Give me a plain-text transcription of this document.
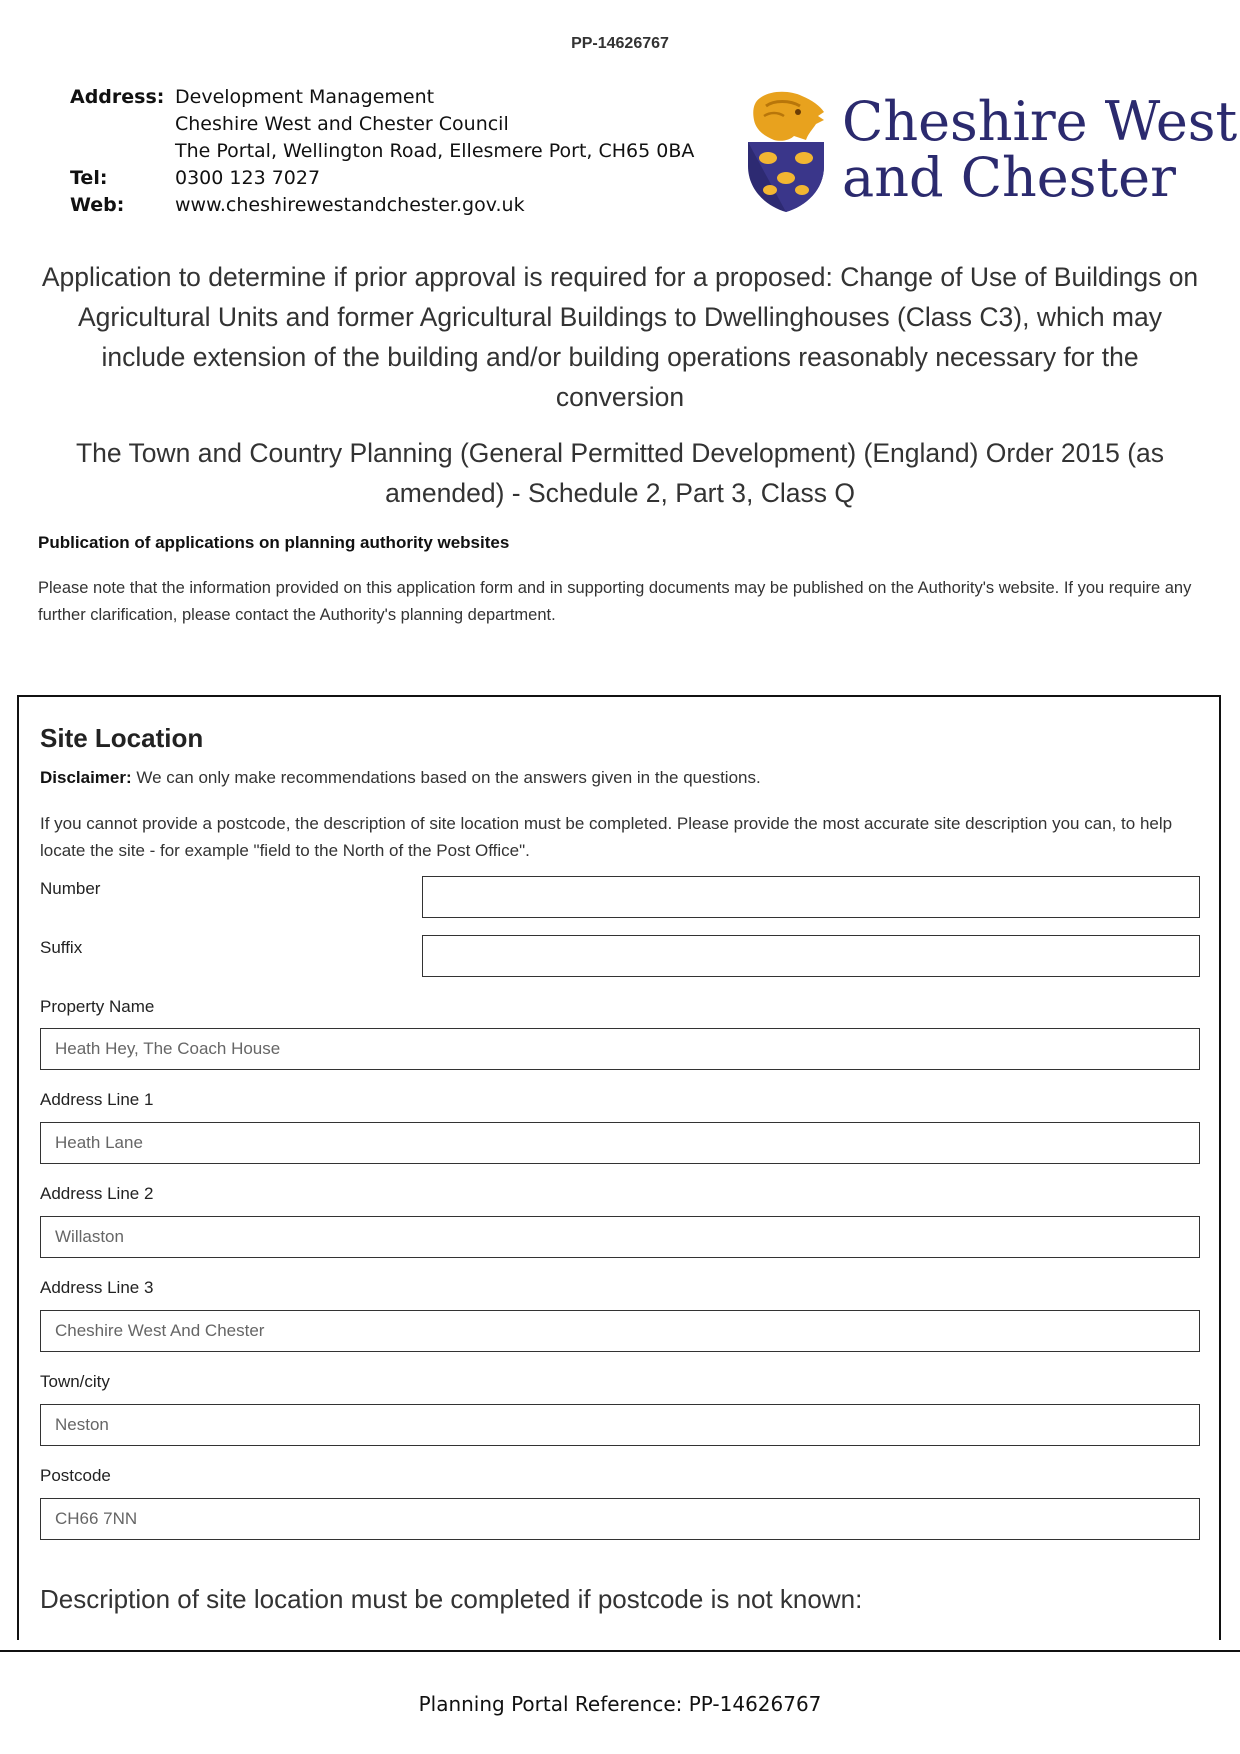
PP-14626767
Address: Development Management
Cheshire West and Chester Council
The Portal, Wellington Road, Ellesmere Port, CH65 0BA
Tel:	0300 123 7027
Web:	www.cheshirewestandchester.gov.uk
Cheshire West
and Chester
Application to determine if prior approval is required for a proposed: Change of Use of Buildings on Agricultural Units and former Agricultural Buildings to Dwellinghouses (Class C3), which may include extension of the building and/or building operations reasonably necessary for the conversion
The Town and Country Planning (General Permitted Development) (England) Order 2015 (as amended) - Schedule 2, Part 3, Class Q
Publication of applications on planning authority websites
Please note that the information provided on this application form and in supporting documents may be published on the Authority's website. If you require any further clarification, please contact the Authority's planning department.
Site Location
Disclaimer: We can only make recommendations based on the answers given in the questions.
If you cannot provide a postcode, the description of site location must be completed. Please provide the most accurate site description you can, to help locate the site - for example "field to the North of the Post Office".
Number
Suffix
Property Name
Heath Hey, The Coach House
Address Line 1
Heath Lane
Address Line 2
Willaston
Address Line 3
Cheshire West And Chester
Town/city
Neston
Postcode
CH66 7NN
Description of site location must be completed if postcode is not known:
Planning Portal Reference: PP-14626767
